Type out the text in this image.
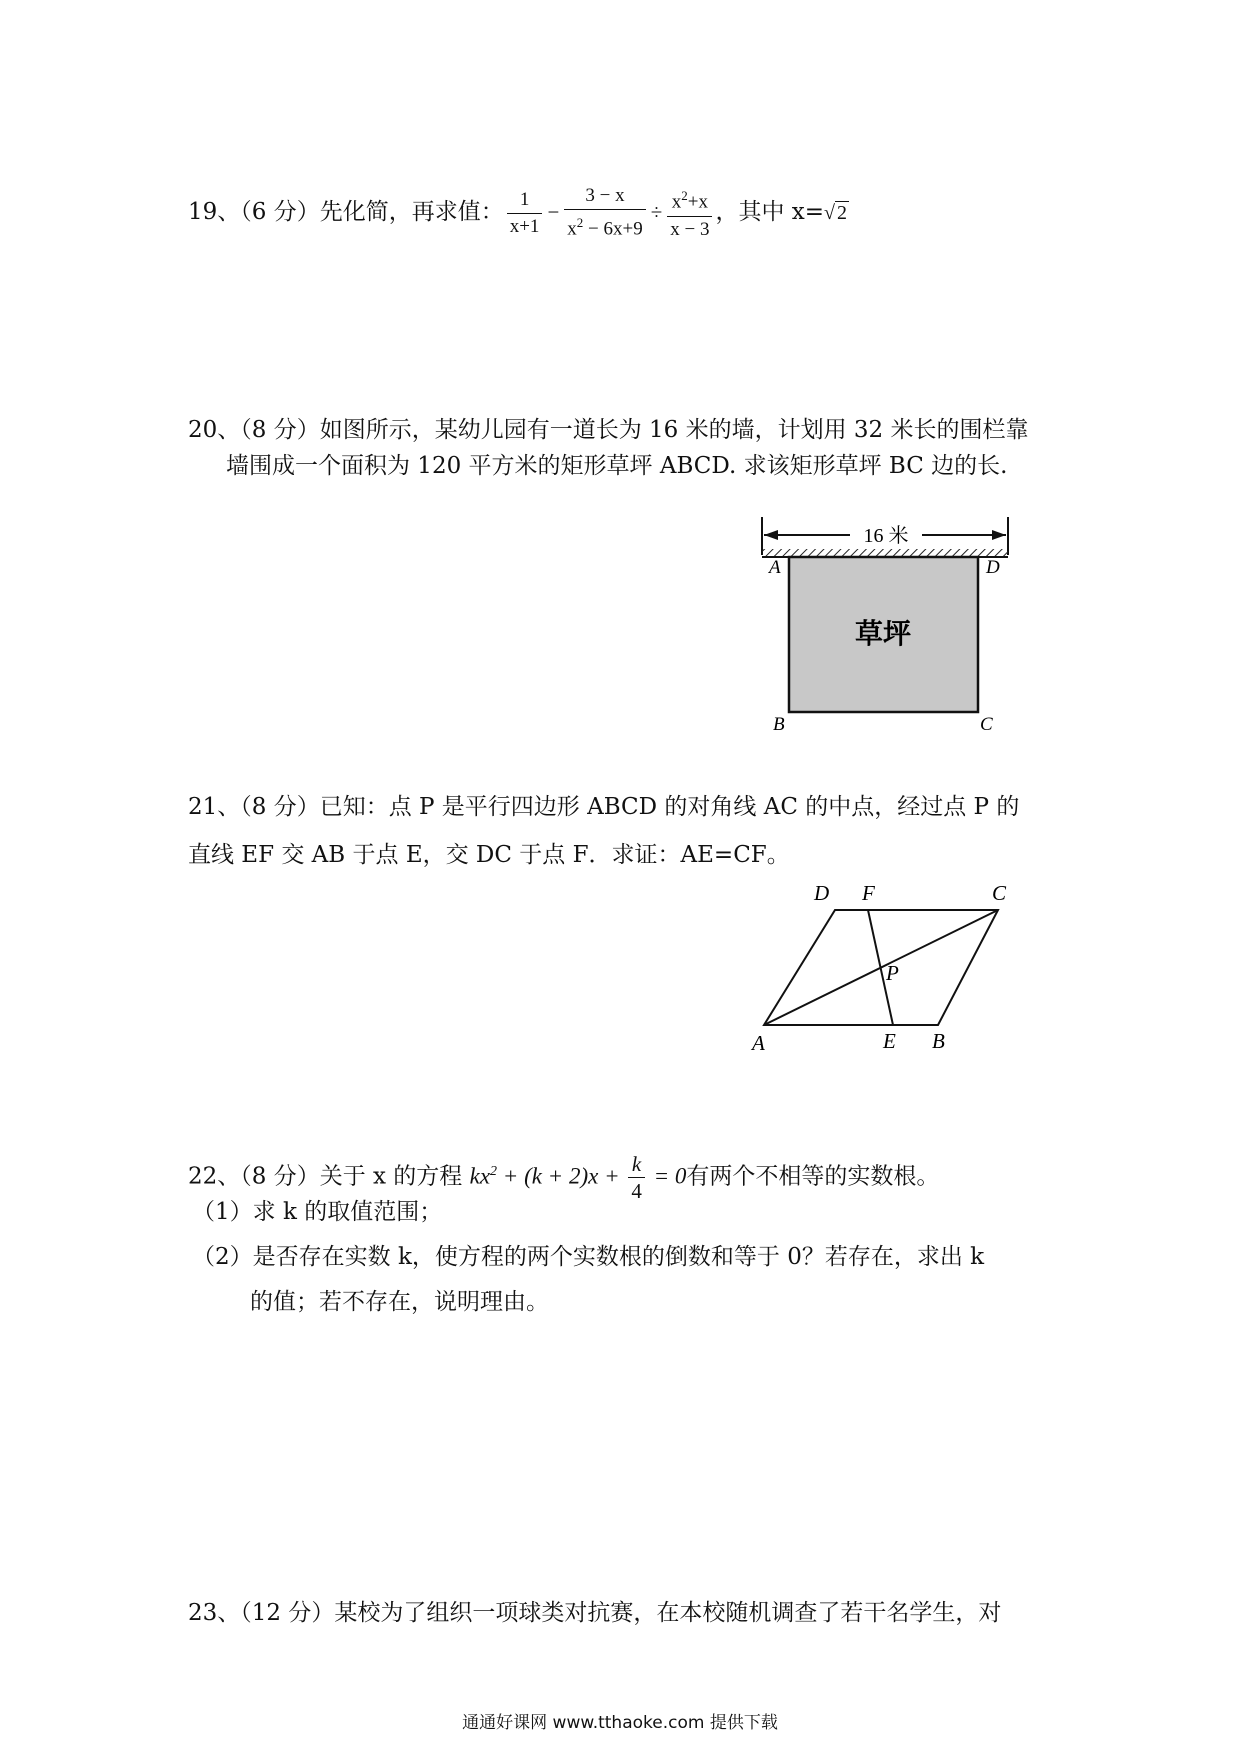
19、（6 分）先化简，再求值： $\frac{1}{x+1} - \frac{3 - x}{x^2 - 6x+9} \div \frac{x^2+x}{x - 3}$ ，其中 x=√ 2
20、（8 分）如图所示，某幼儿园有一道长为 16 米的墙，计划用 32 米长的围栏靠
墙围成一个面积为 120 平方米的矩形草坪 ABCD. 求该矩形草坪 BC 边的长.
16 米
草坪
A	D
B	C
21、（8 分）已知：点 P 是平行四边形 ABCD 的对角线 AC 的中点，经过点 P 的
直线 EF 交 AB 于点 E，交 DC 于点 F．求证：AE=CF。
D F	C
P
A	E B
22、（8 分）关于 x 的方程 $kx^2 + (k + 2)x + \frac{k}{4} = 0$有两个不相等的实数根。
（1）求 k 的取值范围；
（2）是否存在实数 k，使方程的两个实数根的倒数和等于 0？若存在，求出 k
的值；若不存在，说明理由。
23、（12 分）某校为了组织一项球类对抗赛，在本校随机调查了若干名学生，对
通通好课网 www.tthaoke.com 提供下载
